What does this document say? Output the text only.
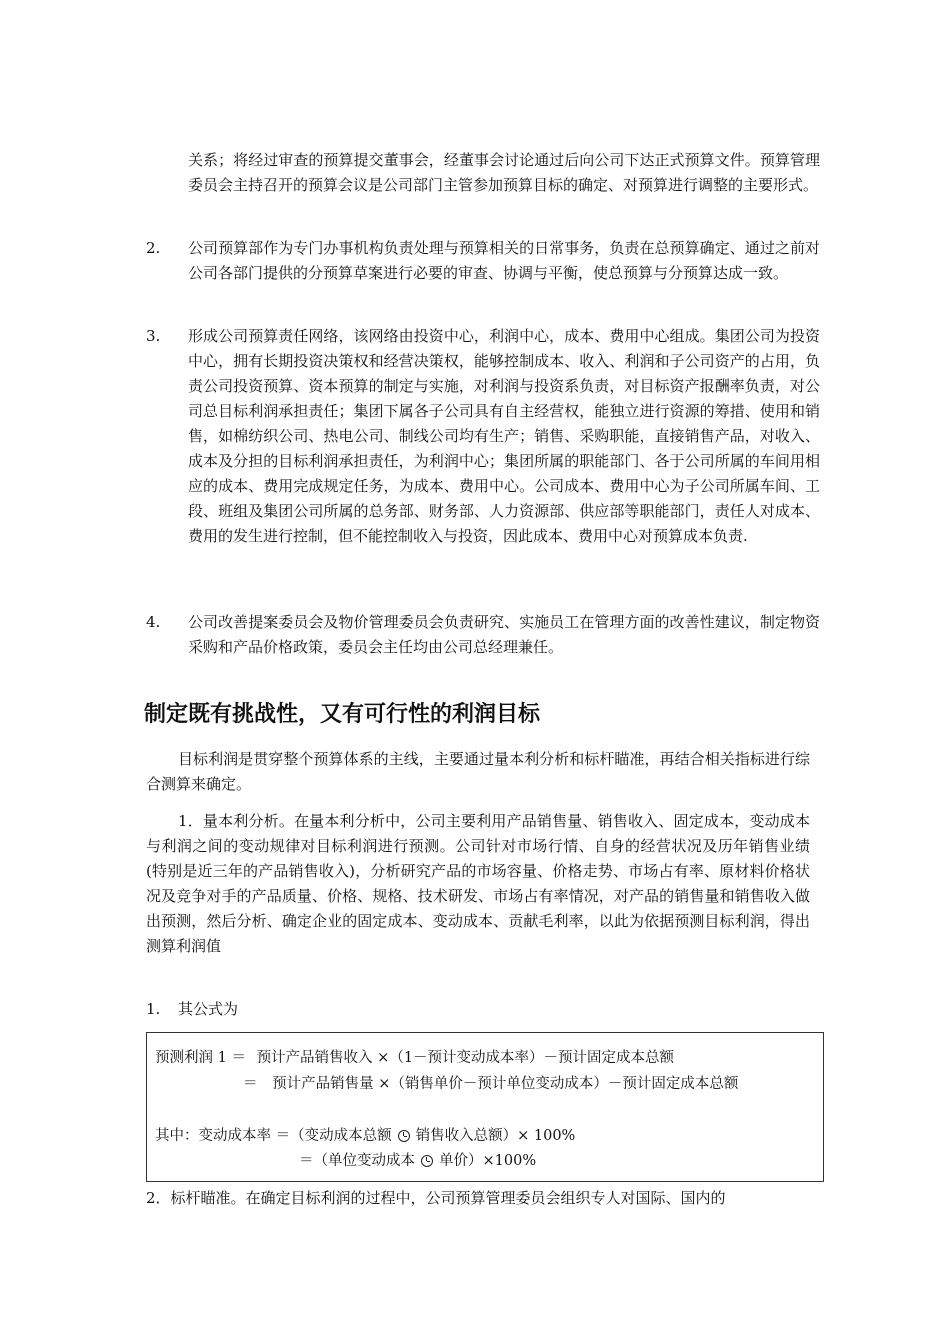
关系；将经过审查的预算提交董事会，经董事会讨论通过后向公司下达正式预算文件。预算管理委员会主持召开的预算会议是公司部门主管参加预算目标的确定、对预算进行调整的主要形式。
2. 公司预算部作为专门办事机构负责处理与预算相关的日常事务，负责在总预算确定、通过之前对公司各部门提供的分预算草案进行必要的审查、协调与平衡，使总预算与分预算达成一致。
3. 形成公司预算责任网络，该网络由投资中心，利润中心，成本、费用中心组成。集团公司为投资中心，拥有长期投资决策权和经营决策权，能够控制成本、收入、利润和子公司资产的占用，负责公司投资预算、资本预算的制定与实施，对利润与投资系负责，对目标资产报酬率负责，对公司总目标利润承担责任；集团下属各子公司具有自主经营权，能独立进行资源的筹措、使用和销售，如棉纺织公司、热电公司、制线公司均有生产；销售、采购职能，直接销售产品，对收入、成本及分担的目标利润承担责任，为利润中心；集团所属的职能部门、各于公司所属的车间用相应的成本、费用完成规定任务，为成本、费用中心。公司成本、费用中心为子公司所属车间、工段、班组及集团公司所属的总务部、财务部、人力资源部、供应部等职能部门，责任人对成本、费用的发生进行控制，但不能控制收入与投资，因此成本、费用中心对预算成本负责.
4. 公司改善提案委员会及物价管理委员会负责研究、实施员工在管理方面的改善性建议，制定物资采购和产品价格政策，委员会主任均由公司总经理兼任。
制定既有挑战性，又有可行性的利润目标
目标利润是贯穿整个预算体系的主线，主要通过量本利分析和标杆瞄准，再结合相关指标进行综合测算来确定。
1．量本利分析。在量本利分析中，公司主要利用产品销售量、销售收入、固定成本，变动成本与利润之间的变动规律对目标利润进行预测。公司针对市场行情、自身的经营状况及历年销售业绩(特别是近三年的产品销售收入)，分析研究产品的市场容量、价格走势、市场占有率、原材料价格状况及竞争对手的产品质量、价格、规格、技术研发、市场占有率情况，对产品的销售量和销售收入做出预测，然后分析、确定企业的固定成本、变动成本、贡献毛利率，以此为依据预测目标利润，得出测算利润值
1. 其公式为
预测利润 1 ＝ 预计产品销售收入 ×（1－预计变动成本率）－预计固定成本总额
＝ 预计产品销售量 ×（销售单价－预计单位变动成本）－预计固定成本总额
其中：变动成本率 ＝（变动成本总额 销售收入总额）× 100%
＝（单位变动成本 单价）×100%
2．标杆瞄准。在确定目标利润的过程中，公司预算管理委员会组织专人对国际、国内的
